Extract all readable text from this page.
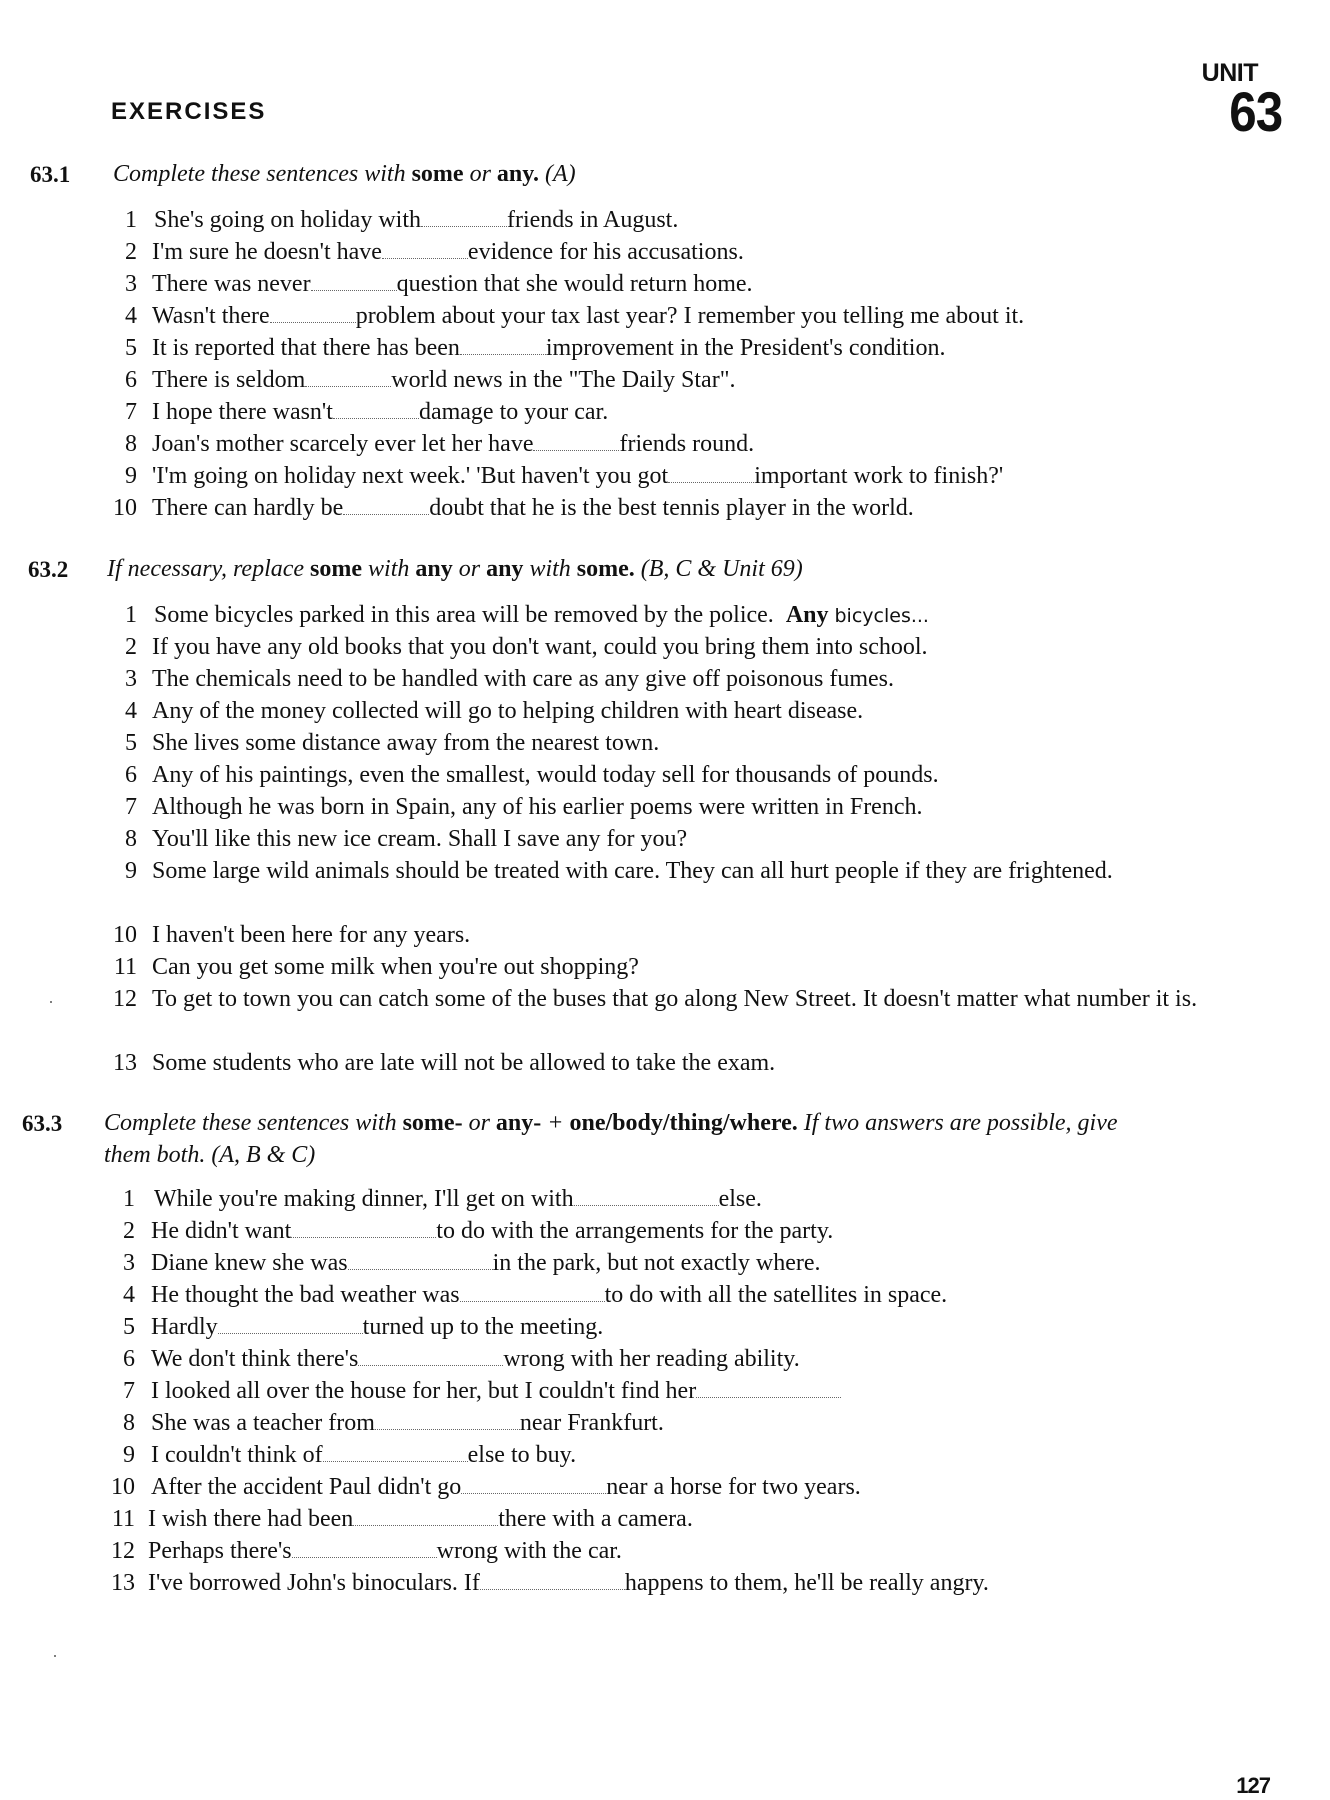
UNIT
63
EXERCISES
63.1 Complete these sentences with some or any. (A)
1 She's going on holiday with	friends in August.
2 I'm sure he doesn't have	evidence for his accusations.
3 There was never	question that she would return home.
4 Wasn't there	problem about your tax last year? I remember you telling me about it.
5 It is reported that there has been	improvement in the President's condition.
6 There is seldom	world news in the "The Daily Star".
7 I hope there wasn't	damage to your car.
8 Joan's mother scarcely ever let her have	friends round.
9 'I'm going on holiday next week.' 'But haven't you got	important work to finish?'
10 There can hardly be	doubt that he is the best tennis player in the world.
63.2 If necessary, replace some with any or any with some. (B, C & Unit 69)
1 Some bicycles parked in this area will be removed by the police. Any bicycles...
2 If you have any old books that you don't want, could you bring them into school.
3 The chemicals need to be handled with care as any give off poisonous fumes.
4 Any of the money collected will go to helping children with heart disease.
5 She lives some distance away from the nearest town.
6 Any of his paintings, even the smallest, would today sell for thousands of pounds.
7 Although he was born in Spain, any of his earlier poems were written in French.
8 You'll like this new ice cream. Shall I save any for you?
9 Some large wild animals should be treated with care. They can all hurt people if they are frightened.
10 I haven't been here for any years.
11 Can you get some milk when you're out shopping?
12 To get to town you can catch some of the buses that go along New Street. It doesn't matter what number it is.
13 Some students who are late will not be allowed to take the exam.
63.3 Complete these sentences with some- or any- + one/body/thing/where. If two answers are possible, give them both. (A, B & C)
1 While you're making dinner, I'll get on with	else.
2 He didn't want	to do with the arrangements for the party.
3 Diane knew she was	in the park, but not exactly where.
4 He thought the bad weather was	to do with all the satellites in space.
5 Hardly	turned up to the meeting.
6 We don't think there's	wrong with her reading ability.
7 I looked all over the house for her, but I couldn't find her
8 She was a teacher from	near Frankfurt.
9 I couldn't think of	else to buy.
10 After the accident Paul didn't go	near a horse for two years.
11 I wish there had been	there with a camera.
12 Perhaps there's	wrong with the car.
13 I've borrowed John's binoculars. If	happens to them, he'll be really angry.
127
